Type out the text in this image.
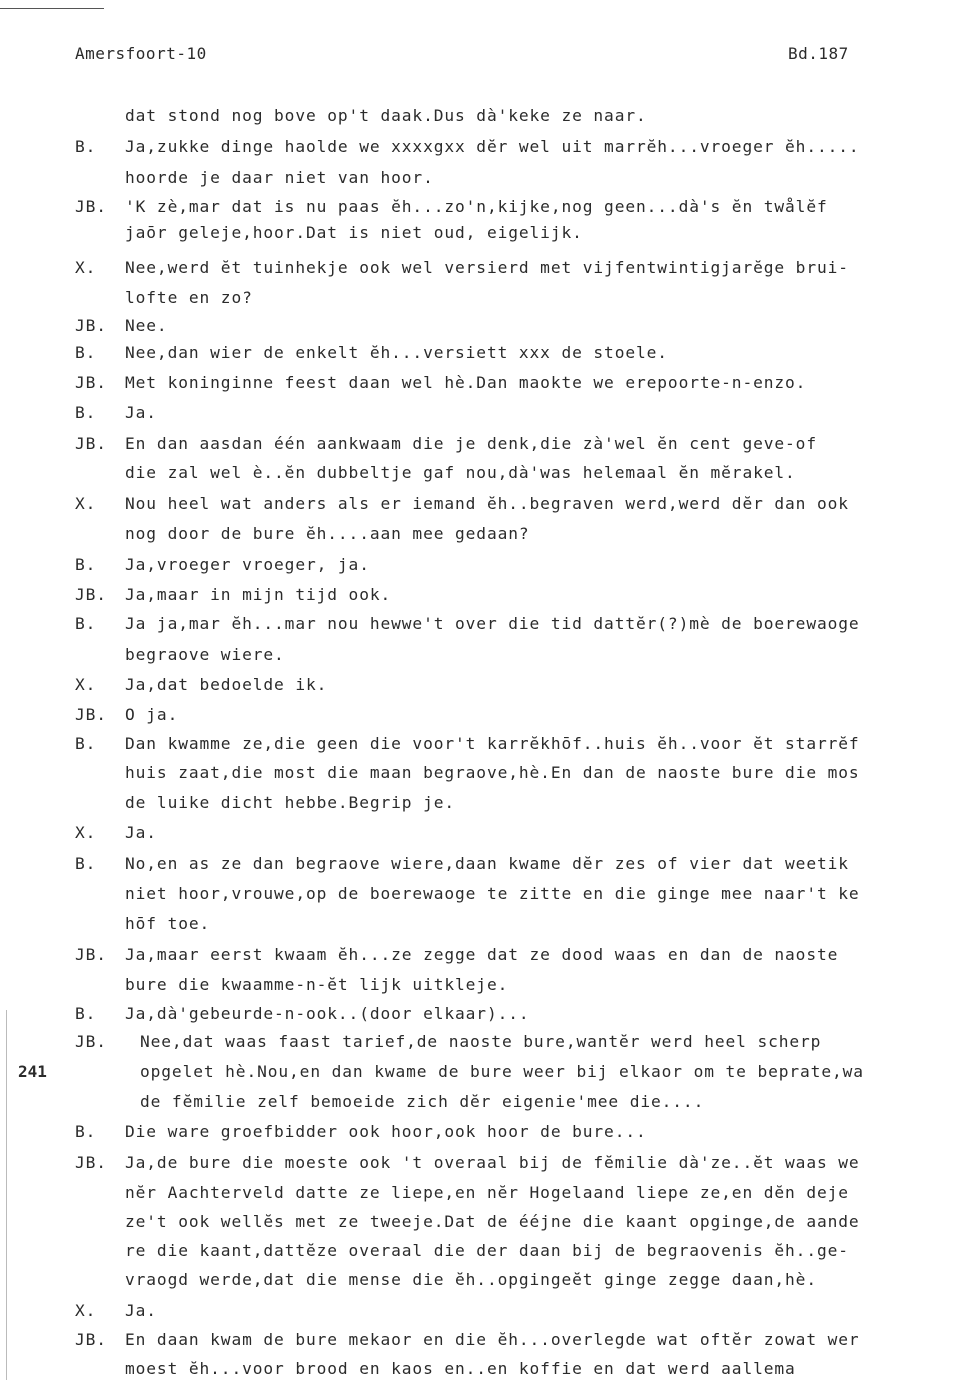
Amersfoort-10	Bd.187
241
dat stond nog bove op't daak.Dus dà'keke ze naar.
B. Ja,zukke dinge haolde we xxxxgxx dĕr wel uit marrĕh...vroeger ĕh.....
hoorde je daar niet van hoor.
JB. 'K zè,mar dat is nu paas ĕh...zo'n,kijke,nog geen...dà's ĕn twålĕf
jaōr geleje,hoor.Dat is niet oud, eigelijk.
X. Nee,werd ĕt tuinhekje ook wel versierd met vijfentwintigjarĕge brui-
lofte en zo?
JB. Nee.
B. Nee,dan wier de enkelt ĕh...versiett xxx de stoele.
JB. Met koninginne feest daan wel hè.Dan maokte we erepoorte-n-enzo.
B. Ja.
JB. En dan aasdan één aankwaam die je denk,die zà'wel ĕn cent geve-of
die zal wel è..ĕn dubbeltje gaf nou,dà'was helemaal ĕn mĕrakel.
X. Nou heel wat anders als er iemand ĕh..begraven werd,werd dĕr dan ook
nog door de bure ĕh....aan mee gedaan?
B. Ja,vroeger vroeger, ja.
JB. Ja,maar in mijn tijd ook.
B. Ja ja,mar ĕh...mar nou hewwe't over die tid dattĕr(?)mè de boerewaoge
begraove wiere.
X. Ja,dat bedoelde ik.
JB. O ja.
B. Dan kwamme ze,die geen die voor't karrĕkhōf..huis ĕh..voor ĕt starrĕf
huis zaat,die most die maan begraove,hè.En dan de naoste bure die mos
de luike dicht hebbe.Begrip je.
X. Ja.
B. No,en as ze dan begraove wiere,daan kwame dĕr zes of vier dat weetik
niet hoor,vrouwe,op de boerewaoge te zitte en die ginge mee naar't ke
hōf toe.
JB. Ja,maar eerst kwaam ĕh...ze zegge dat ze dood waas en dan de naoste
bure die kwaamme-n-ĕt lijk uitkleje.
B. Ja,dà'gebeurde-n-ook..(door elkaar)...
JB. Nee,dat waas faast tarief,de naoste bure,wantĕr werd heel scherp
opgelet hè.Nou,en dan kwame de bure weer bij elkaor om te beprate,wa
de fĕmilie zelf bemoeide zich dĕr eigenie'mee die....
B. Die ware groefbidder ook hoor,ook hoor de bure...
JB. Ja,de bure die moeste ook 't overaal bij de fĕmilie dà'ze..ĕt waas we
nĕr Aachterveld datte ze liepe,en nĕr Hogelaand liepe ze,en dĕn deje
ze't ook wellĕs met ze tweeje.Dat de ééjne die kaant opginge,de aande
re die kaant,dattĕze overaal die der daan bij de begraovenis ĕh..ge-
vraogd werde,dat die mense die ĕh..opgingeĕt ginge zegge daan,hè.
X. Ja.
JB. En daan kwam de bure mekaor en die ĕh...overlegde wat oftĕr zowat wer
moest ĕh...voor brood en kaos en..en koffie en dat werd aallema
